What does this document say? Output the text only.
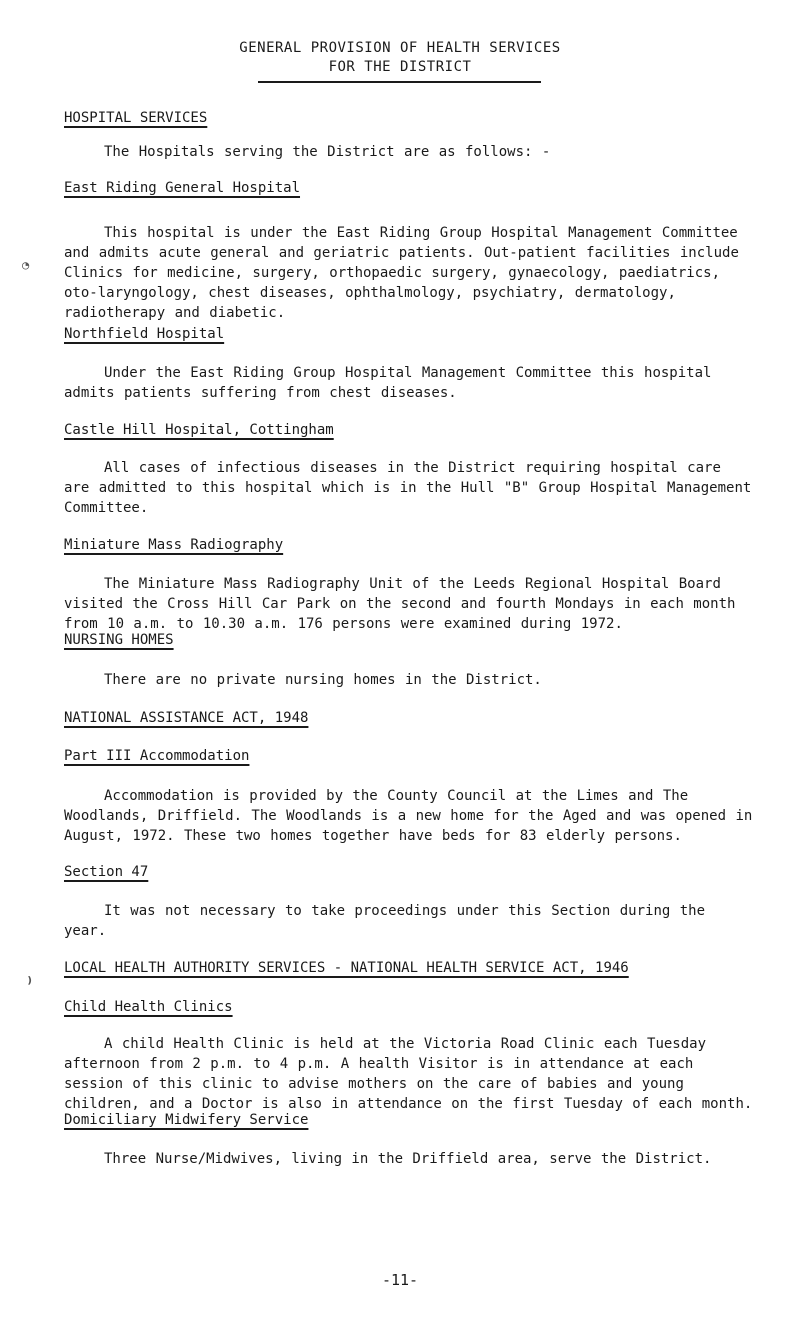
GENERAL PROVISION OF HEALTH SERVICES
FOR THE DISTRICT
HOSPITAL SERVICES
The Hospitals serving the District are as follows: -
East Riding General Hospital
This hospital is under the East Riding Group Hospital Management Committee and admits acute general and geriatric patients. Out-patient facilities include Clinics for medicine, surgery, orthopaedic surgery, gynaecology, paediatrics, oto-laryngology, chest diseases, ophthalmology, psychiatry, dermatology, radiotherapy and diabetic.
Northfield Hospital
Under the East Riding Group Hospital Management Committee this hospital admits patients suffering from chest diseases.
Castle Hill Hospital, Cottingham
All cases of infectious diseases in the District requiring hospital care are admitted to this hospital which is in the Hull "B" Group Hospital Management Committee.
Miniature Mass Radiography
The Miniature Mass Radiography Unit of the Leeds Regional Hospital Board visited the Cross Hill Car Park on the second and fourth Mondays in each month from 10 a.m. to 10.30 a.m. 176 persons were examined during 1972.
NURSING HOMES
There are no private nursing homes in the District.
NATIONAL ASSISTANCE ACT, 1948
Part III Accommodation
Accommodation is provided by the County Council at the Limes and The Woodlands, Driffield. The Woodlands is a new home for the Aged and was opened in August, 1972. These two homes together have beds for 83 elderly persons.
Section 47
It was not necessary to take proceedings under this Section during the year.
LOCAL HEALTH AUTHORITY SERVICES - NATIONAL HEALTH SERVICE ACT, 1946
Child Health Clinics
A child Health Clinic is held at the Victoria Road Clinic each Tuesday afternoon from 2 p.m. to 4 p.m. A health Visitor is in attendance at each session of this clinic to advise mothers on the care of babies and young children, and a Doctor is also in attendance on the first Tuesday of each month.
Domiciliary Midwifery Service
Three Nurse/Midwives, living in the Driffield area, serve the District.
-11-
◔
❫
